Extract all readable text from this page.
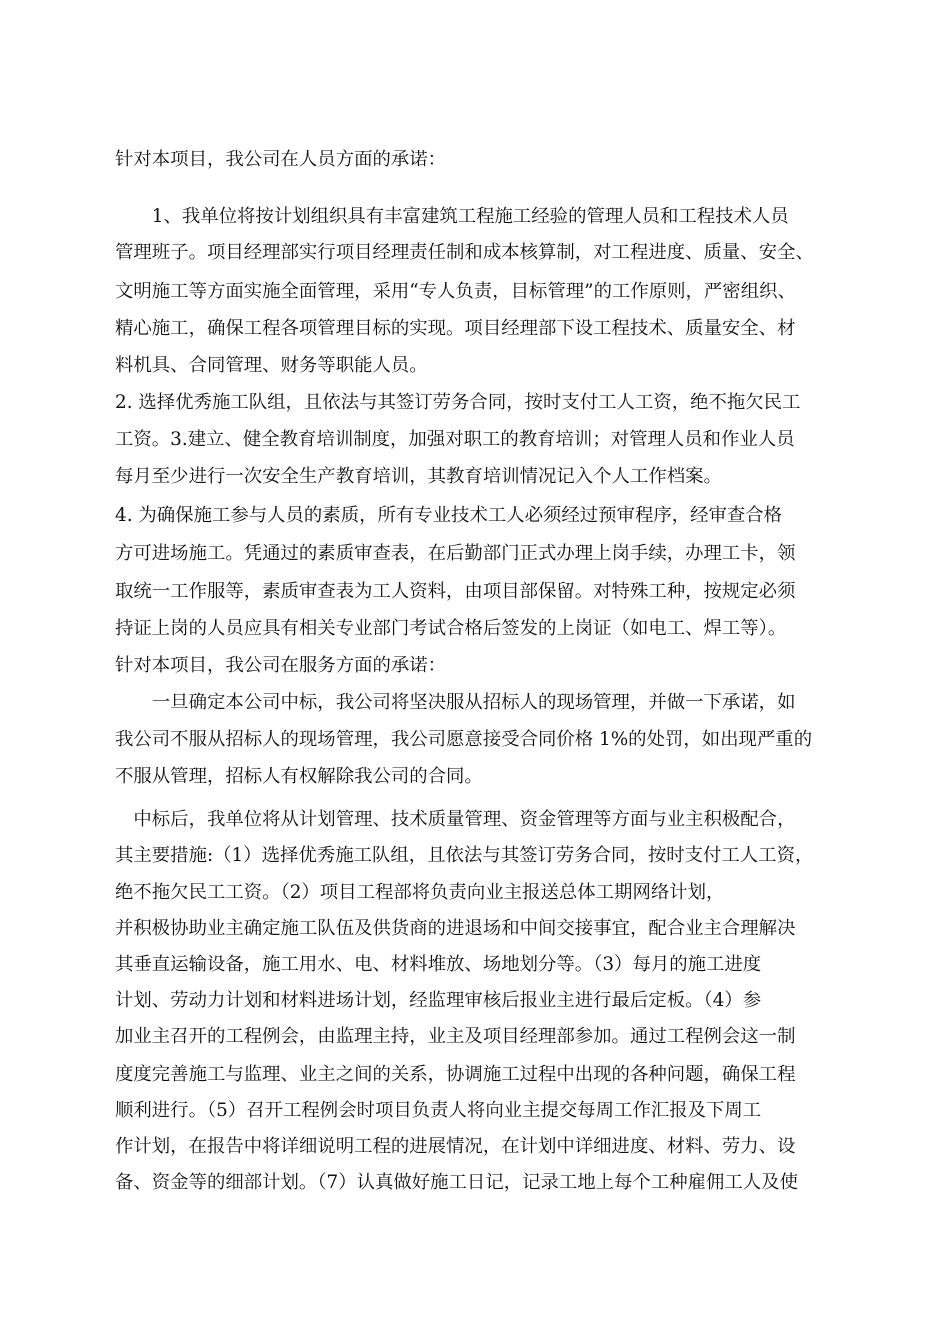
针对本项目，我公司在人员方面的承诺：
　　1、我单位将按计划组织具有丰富建筑工程施工经验的管理人员和工程技术人员
管理班子。项目经理部实行项目经理责任制和成本核算制，对工程进度、质量、安全、
文明施工等方面实施全面管理，采用“专人负责，目标管理”的工作原则，严密组织、
精心施工，确保工程各项管理目标的实现。项目经理部下设工程技术、质量安全、材
料机具、合同管理、财务等职能人员。
2. 选择优秀施工队组，且依法与其签订劳务合同，按时支付工人工资，绝不拖欠民工
工资。3.建立、健全教育培训制度，加强对职工的教育培训；对管理人员和作业人员
每月至少进行一次安全生产教育培训，其教育培训情况记入个人工作档案。
4. 为确保施工参与人员的素质，所有专业技术工人必须经过预审程序，经审查合格
方可进场施工。凭通过的素质审查表，在后勤部门正式办理上岗手续，办理工卡，领
取统一工作服等，素质审查表为工人资料，由项目部保留。对特殊工种，按规定必须
持证上岗的人员应具有相关专业部门考试合格后签发的上岗证（如电工、焊工等）。
针对本项目，我公司在服务方面的承诺：
　　一旦确定本公司中标，我公司将坚决服从招标人的现场管理，并做一下承诺，如
我公司不服从招标人的现场管理，我公司愿意接受合同价格 1%的处罚，如出现严重的
不服从管理，招标人有权解除我公司的合同。
　中标后，我单位将从计划管理、技术质量管理、资金管理等方面与业主积极配合，
其主要措施:（1）选择优秀施工队组，且依法与其签订劳务合同，按时支付工人工资，
绝不拖欠民工工资。（2）项目工程部将负责向业主报送总体工期网络计划，
并积极协助业主确定施工队伍及供货商的进退场和中间交接事宜，配合业主合理解决
其垂直运输设备，施工用水、电、材料堆放、场地划分等。（3）每月的施工进度
计划、劳动力计划和材料进场计划，经监理审核后报业主进行最后定板。（4）参
加业主召开的工程例会，由监理主持，业主及项目经理部参加。通过工程例会这一制
度度完善施工与监理、业主之间的关系，协调施工过程中出现的各种问题，确保工程
顺利进行。（5）召开工程例会时项目负责人将向业主提交每周工作汇报及下周工
作计划，在报告中将详细说明工程的进展情况，在计划中详细进度、材料、劳力、设
备、资金等的细部计划。（7）认真做好施工日记，记录工地上每个工种雇佣工人及使
